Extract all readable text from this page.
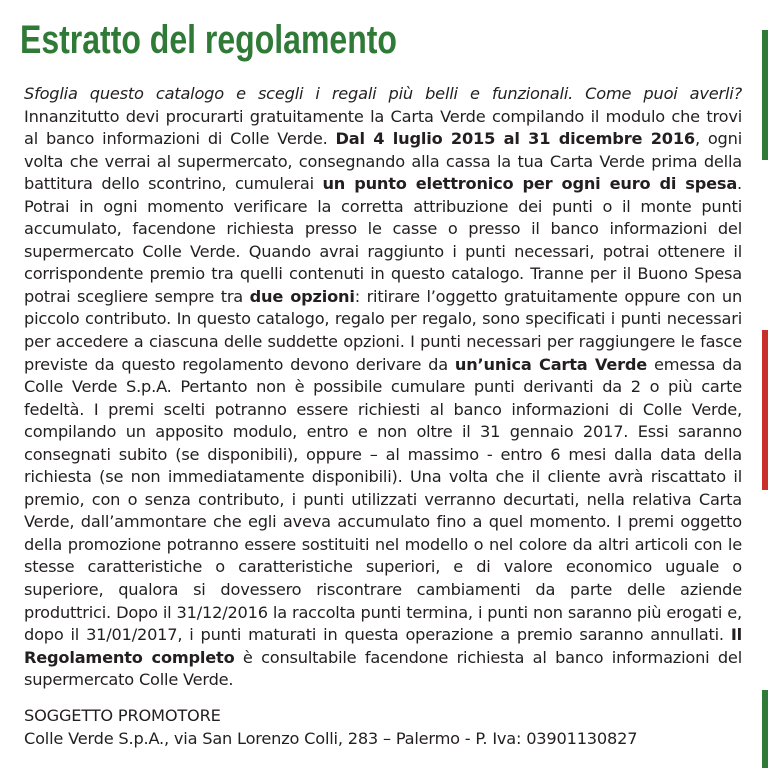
Estratto del regolamento

Sfoglia questo catalogo e scegli i regali più belli e funzionali. Come puoi averli? Innanzitutto devi procurarti gratuitamente la Carta Verde compilando il modulo che trovi al banco informazioni di Colle Verde. Dal 4 luglio 2015 al 31 dicembre 2016, ogni volta che verrai al supermercato, consegnando alla cassa la tua Carta Verde prima della battitura dello scontrino, cumulerai un punto elettronico per ogni euro di spesa. Potrai in ogni momento verificare la corretta attribuzione dei punti o il monte punti accumulato, facendone richiesta presso le casse o presso il banco informazioni del supermercato Colle Verde. Quando avrai raggiunto i punti necessari, potrai ottenere il corrispondente premio tra quelli contenuti in questo catalogo. Tranne per il Buono Spesa potrai scegliere sempre tra due opzioni: ritirare l’oggetto gratuitamente oppure con un piccolo contributo. In questo catalogo, regalo per regalo, sono specificati i punti necessari per accedere a ciascuna delle suddette opzioni. I punti necessari per raggiungere le fasce previste da questo regolamento devono derivare da un’unica Carta Verde emessa da Colle Verde S.p.A. Pertanto non è possibile cumulare punti derivanti da 2 o più carte fedeltà. I premi scelti potranno essere richiesti al banco informazioni di Colle Verde, compilando un apposito modulo, entro e non oltre il 31 gennaio 2017. Essi saranno consegnati subito (se disponibili), oppure – al massimo - entro 6 mesi dalla data della richiesta (se non immediatamente disponibili). Una volta che il cliente avrà riscattato il premio, con o senza contributo, i punti utilizzati verranno decurtati, nella relativa Carta Verde, dall’ammontare che egli aveva accumulato fino a quel momento. I premi oggetto della promozione potranno essere sostituiti nel modello o nel colore da altri articoli con le stesse caratteristiche o caratteristiche superiori, e di valore economico uguale o superiore, qualora si dovessero riscontrare cambiamenti da parte delle aziende produttrici. Dopo il 31/12/2016 la raccolta punti termina, i punti non saranno più erogati e, dopo il 31/01/2017, i punti maturati in questa operazione a premio saranno annullati. Il Regolamento completo è consultabile facendone richiesta al banco informazioni del supermercato Colle Verde.

SOGGETTO PROMOTORE
Colle Verde S.p.A., via San Lorenzo Colli, 283 – Palermo - P. Iva: 03901130827
